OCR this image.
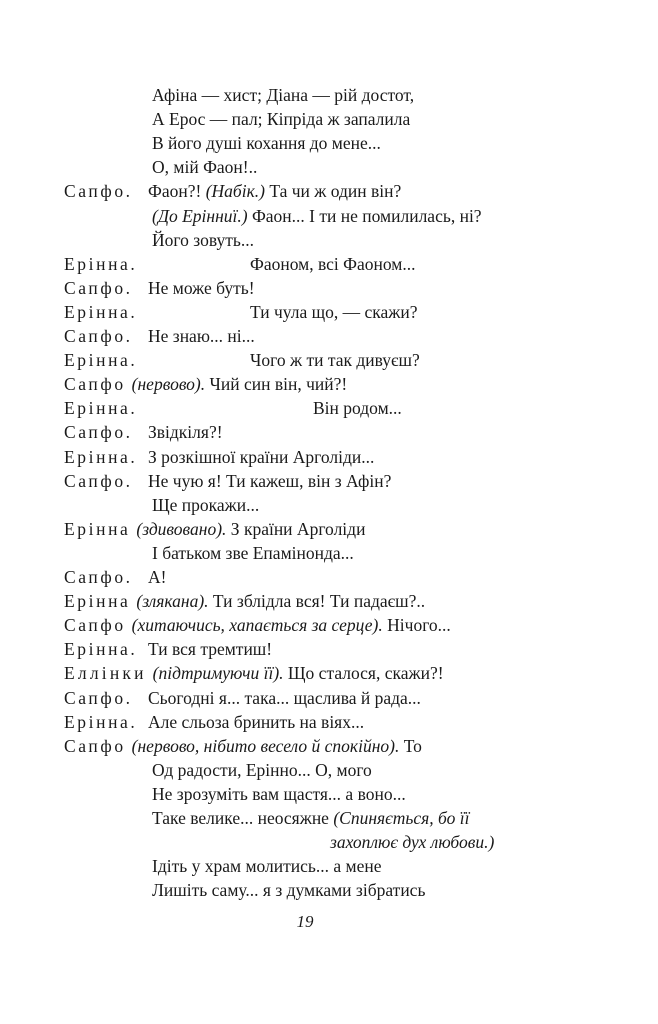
Афіна — хист; Діана — рій достот,
А Ерос — пал; Кіпріда ж запалила
В його душі кохання до мене...
О, мій Фаон!..
Сапфо. Фаон?! (Набік.) Та чи ж один він?
(До Ерінниї.) Фаон... І ти не помилилась, ні?
Його зовуть...
Ерінна.	Фаоном, всі Фаоном...
Сапфо. Не може буть!
Ерінна.	Ти чула що, — скажи?
Сапфо. Не знаю... ні...
Ерінна.	Чого ж ти так дивуєш?
Сапфо (нервово). Чий син він, чий?!
Ерінна.	Він родом...
Сапфо. Звідкіля?!
Ерінна. З розкішної країни Арголіди...
Сапфо. Не чую я! Ти кажеш, він з Афін?
Ще прокажи...
Ерінна (здивовано). З країни Арголіди
І батьком зве Епамінонда...
Сапфо. А!
Ерінна (злякана). Ти зблідла вся! Ти падаєш?..
Сапфо (хитаючись, хапається за серце). Нічого...
Ерінна. Ти вся тремтиш!
Еллінки (підтримуючи її). Що сталося, скажи?!
Сапфо. Сьогодні я... така... щаслива й рада...
Ерінна. Але сльоза бринить на віях...
Сапфо (нервово, нібито весело й спокійно). То
Од радости, Ерінно... О, мого
Не зрозуміть вам щастя... а воно...
Таке велике... неосяжне (Спиняється, бо її
захоплює дух любови.)
Ідіть у храм молитись... а мене
Лишіть саму... я з думками зібратись
19
